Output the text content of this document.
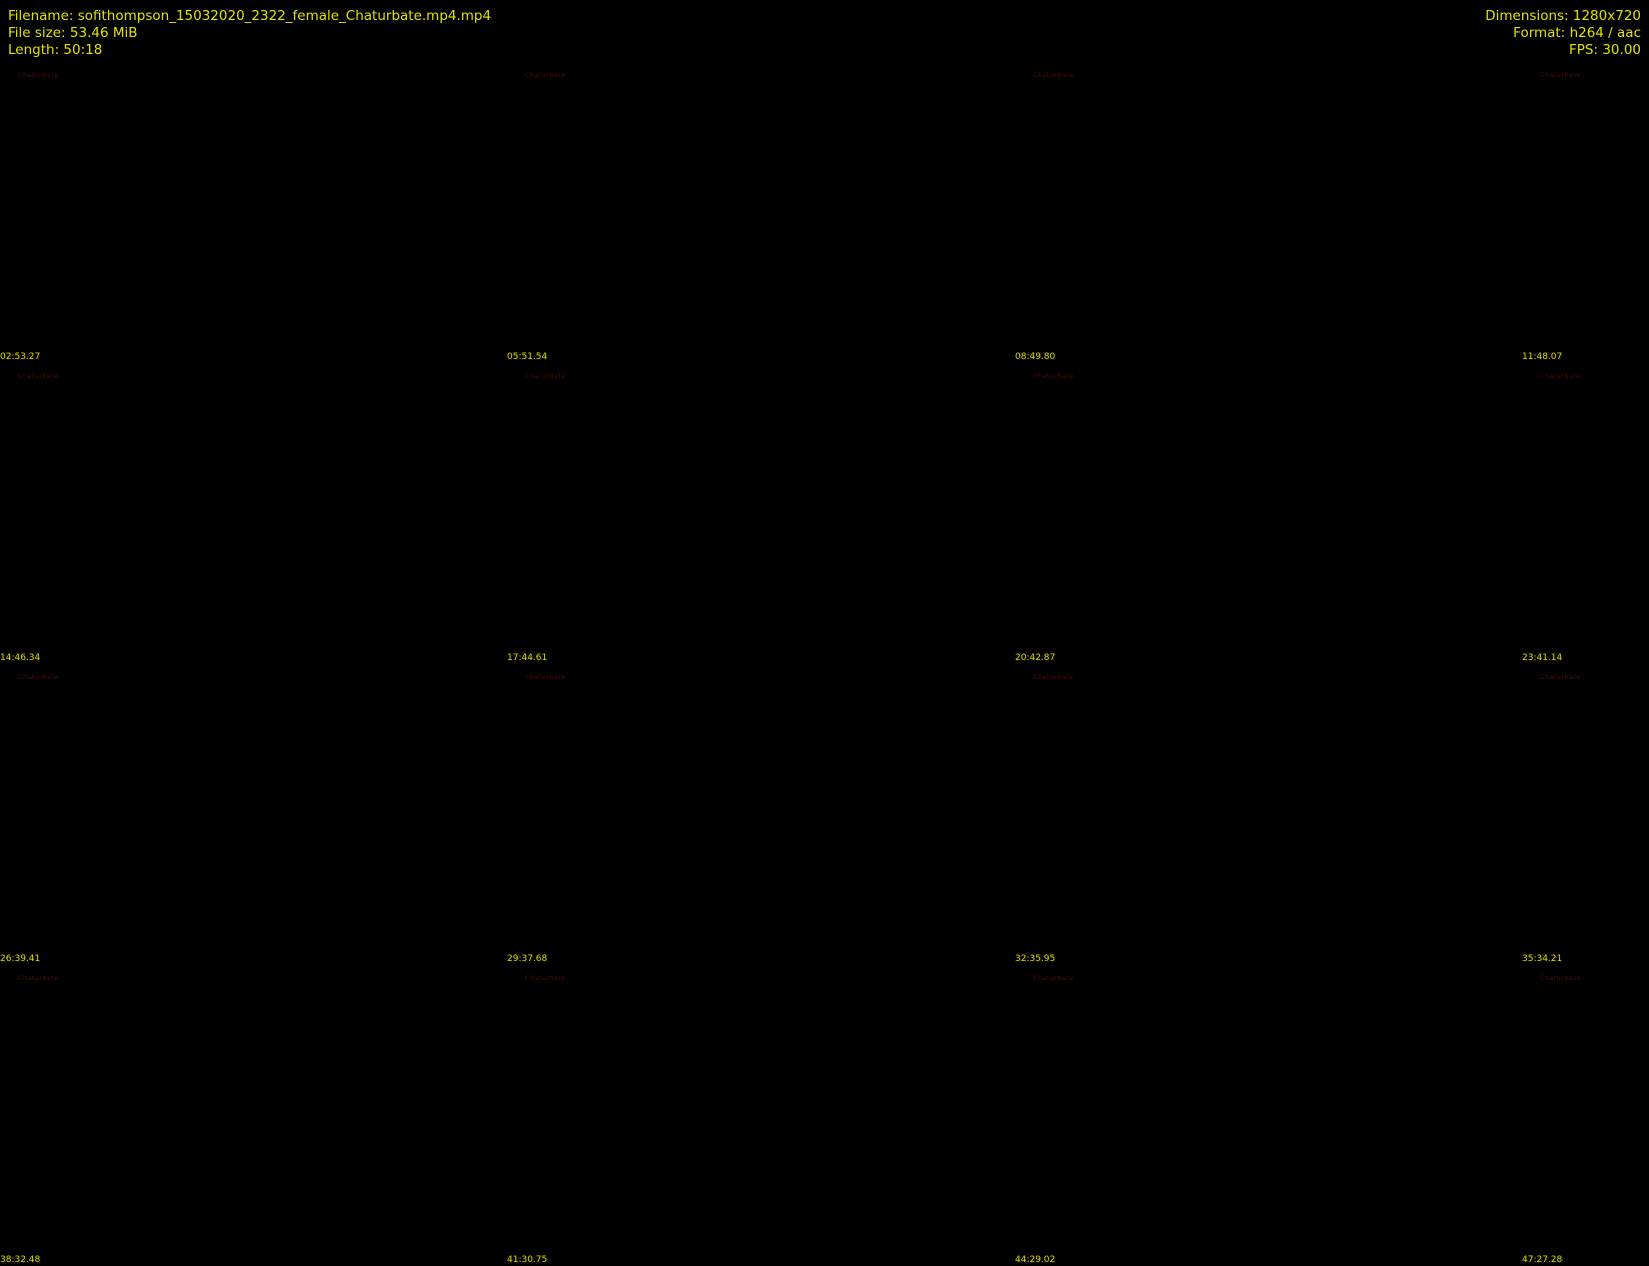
Filename: sofithompson_15032020_2322_female_Chaturbate.mp4.mp4
File size: 53.46 MiB
Length: 50:18
Dimensions: 1280x720
Format: h264 / aac
FPS: 30.00
Chaturbate
02:53.27
Chaturbate
05:51.54
Chaturbate
08:49.80
Chaturbate
11:48.07
Chaturbate
14:46.34
Chaturbate
17:44.61
Chaturbate
20:42.87
Chaturbate
23:41.14
Chaturbate
26:39.41
Chaturbate
29:37.68
Chaturbate
32:35.95
Chaturbate
35:34.21
Chaturbate
38:32.48
Chaturbate
41:30.75
Chaturbate
44:29.02
Chaturbate
47:27.28
